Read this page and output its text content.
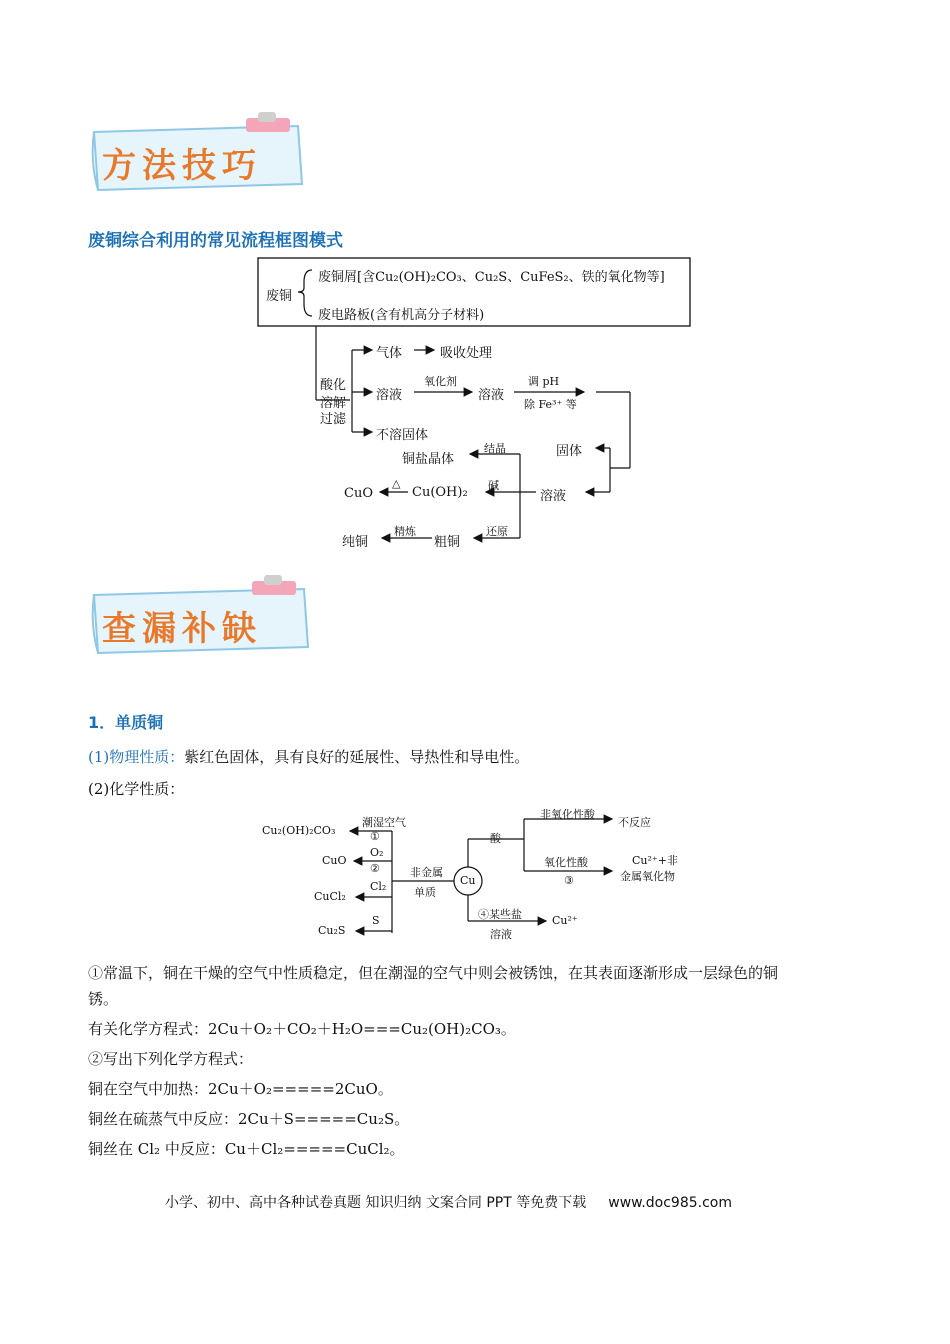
方法技巧
废铜综合利用的常见流程框图模式
废铜
废铜屑[含Cu₂(OH)₂CO₃、Cu₂S、CuFeS₂、铁的氧化物等]
废电路板(含有机高分子材料)
酸化
溶解
过滤
气体	吸收处理
溶液
氧化剂
溶液
调 pH
除 Fe³⁺ 等
不溶固体
固体
结晶
铜盐晶体
溶液
碱
Cu(OH)₂
△
CuO
还原
粗铜
精炼
纯铜
查漏补缺
1．单质铜
(1)物理性质：紫红色固体，具有良好的延展性、导热性和导电性。
(2)化学性质：
Cu₂(OH)₂CO₃
CuO
CuCl₂
Cu₂S
潮湿空气
①
O₂
②
Cl₂
S
非金属
单质
Cu
酸
非氧化性酸
不反应
氧化性酸
③
Cu²⁺+非
金属氧化物
④某些盐
溶液
Cu²⁺
①常温下，铜在干燥的空气中性质稳定，但在潮湿的空气中则会被锈蚀，在其表面逐渐形成一层绿色的铜
锈。
有关化学方程式：2Cu＋O₂＋CO₂＋H₂O===Cu₂(OH)₂CO₃。
②写出下列化学方程式：
铜在空气中加热：2Cu＋O₂=====2CuO。
铜丝在硫蒸气中反应：2Cu＋S=====Cu₂S。
铜丝在 Cl₂ 中反应：Cu＋Cl₂=====CuCl₂。
小学、初中、高中各种试卷真题 知识归纳 文案合同 PPT 等免费下载 www.doc985.com
